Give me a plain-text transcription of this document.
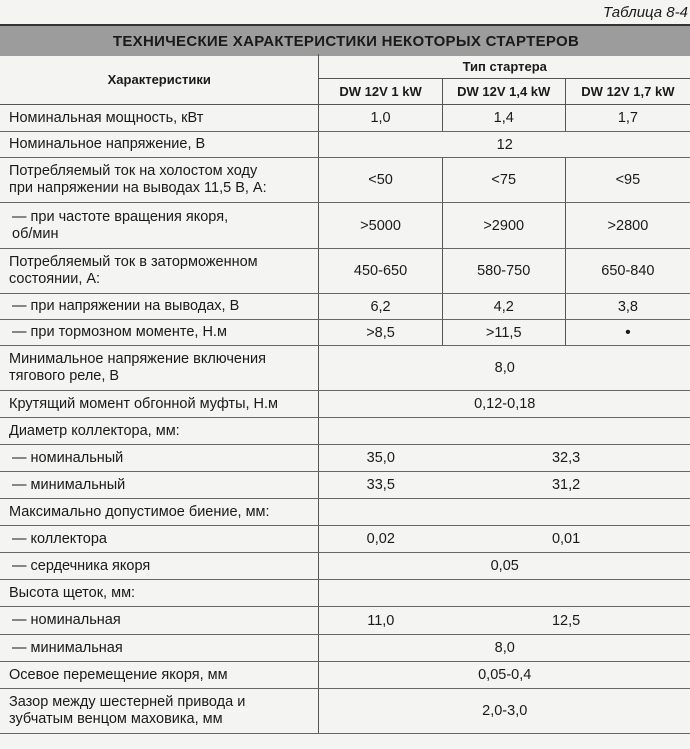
Таблица 8-4
ТЕХНИЧЕСКИЕ ХАРАКТЕРИСТИКИ НЕКОТОРЫХ СТАРТЕРОВ
Характеристики	Тип стартера		
	DW 12V 1 kW	DW 12V 1,4 kW	DW 12V 1,7 kW
Номинальная мощность, кВт	1,0	1,4	1,7
Номинальное напряжение, В	12		
Потребляемый ток на холостом ходу
при напряжении на выводах 11,5 В, А:	<50	<75	<95
— при частоте вращения якоря,
об/мин	>5000	>2900	>2800
Потребляемый ток в заторможенном
состоянии, А:	450-650	580-750	650-840
— при напряжении на выводах, В	6,2	4,2	3,8
— при тормозном моменте, Н.м	>8,5	>11,5	•
Минимальное напряжение включения
тягового реле, В	8,0		
Крутящий момент обгонной муфты, Н.м	0,12-0,18		
Диаметр коллектора, мм:			
— номинальный	35,0	32,3	
— минимальный	33,5	31,2	
Максимально допустимое биение, мм:			
— коллектора	0,02	0,01	
— сердечника якоря	0,05		
Высота щеток, мм:			
— номинальная	11,0	12,5	
— минимальная	8,0		
Осевое перемещение якоря, мм	0,05-0,4		
Зазор между шестерней привода и
зубчатым венцом маховика, мм	2,0-3,0		
